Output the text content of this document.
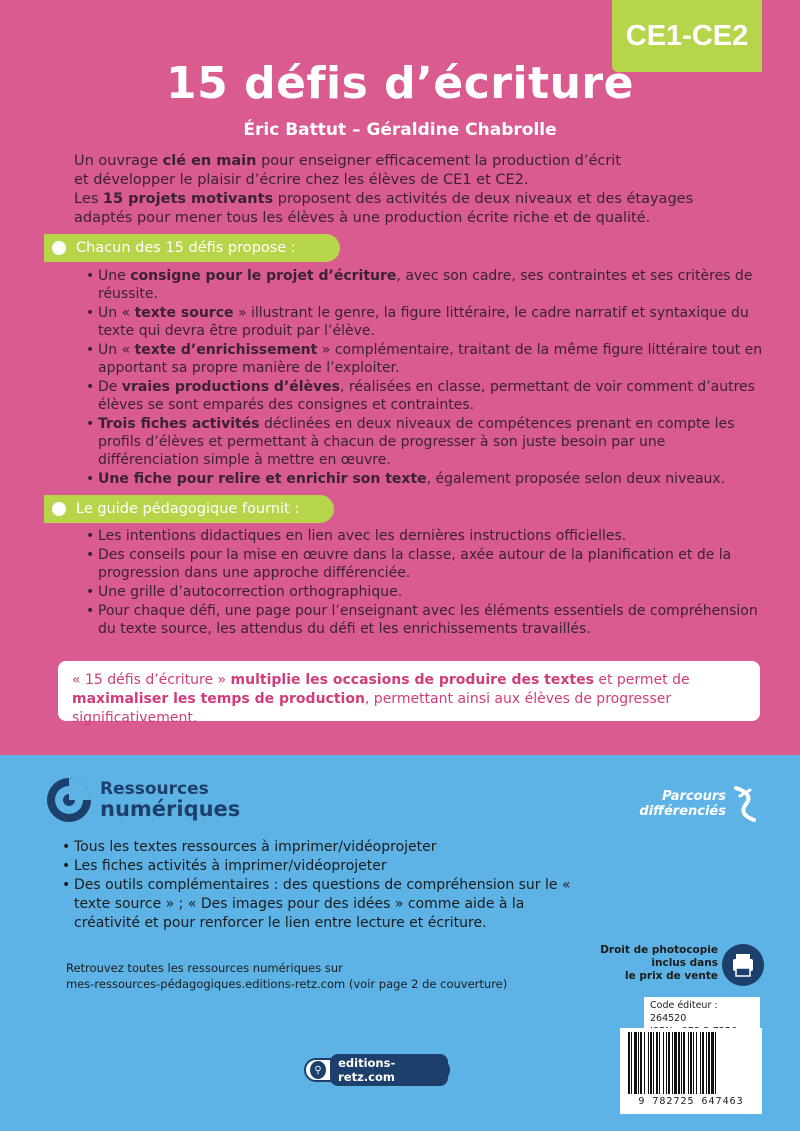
CE1-CE2
15 défis d’écriture
Éric Battut – Géraldine Chabrolle

Un ouvrage clé en main pour enseigner efficacement la production d’écrit

et développer le plaisir d’écrire chez les élèves de CE1 et CE2.

Les 15 projets motivants proposent des activités de deux niveaux et des étayages

adaptés pour mener tous les élèves à une production écrite riche et de qualité.

Chacun des 15 défis propose :
• Une consigne pour le projet d’écriture, avec son cadre, ses contraintes et ses critères de réussite.
• Un « texte source » illustrant le genre, la figure littéraire, le cadre narratif et syntaxique du texte qui devra être produit par l’élève.
• Un « texte d’enrichissement » complémentaire, traitant de la même figure littéraire tout en apportant sa propre manière de l’exploiter.
• De vraies productions d’élèves, réalisées en classe, permettant de voir comment d’autres élèves se sont emparés des consignes et contraintes.
• Trois fiches activités déclinées en deux niveaux de compétences prenant en compte les profils d’élèves et permettant à chacun de progresser à son juste besoin par une différenciation simple à mettre en œuvre.
• Une fiche pour relire et enrichir son texte, également proposée selon deux niveaux.
Le guide pédagogique fournit :
• Les intentions didactiques en lien avec les dernières instructions officielles.
• Des conseils pour la mise en œuvre dans la classe, axée autour de la planification et de la progression dans une approche différenciée.
• Une grille d’autocorrection orthographique.
• Pour chaque défi, une page pour l’enseignant avec les éléments essentiels de compréhension du texte source, les attendus du défi et les enrichissements travaillés.
« 15 défis d’écriture » multiplie les occasions de produire des textes et permet de maximaliser les temps de production, permettant ainsi aux élèves de progresser significativement.
Ressources
numériques
Parcours
différenciés
• Tous les textes ressources à imprimer/vidéoprojeter
• Les fiches activités à imprimer/vidéoprojeter
• Des outils complémentaires : des questions de compréhension sur le « texte source » ; « Des images pour des idées » comme aide à la créativité et pour renforcer le lien entre lecture et écriture.
Retrouvez toutes les ressources numériques sur
mes-ressources-pédagogiques.editions-retz.com (voir page 2 de couverture)
Droit de photocopie
inclus dans
le prix de vente
Code éditeur : 264520
9 782725 647463
⚲	editions-retz.com
